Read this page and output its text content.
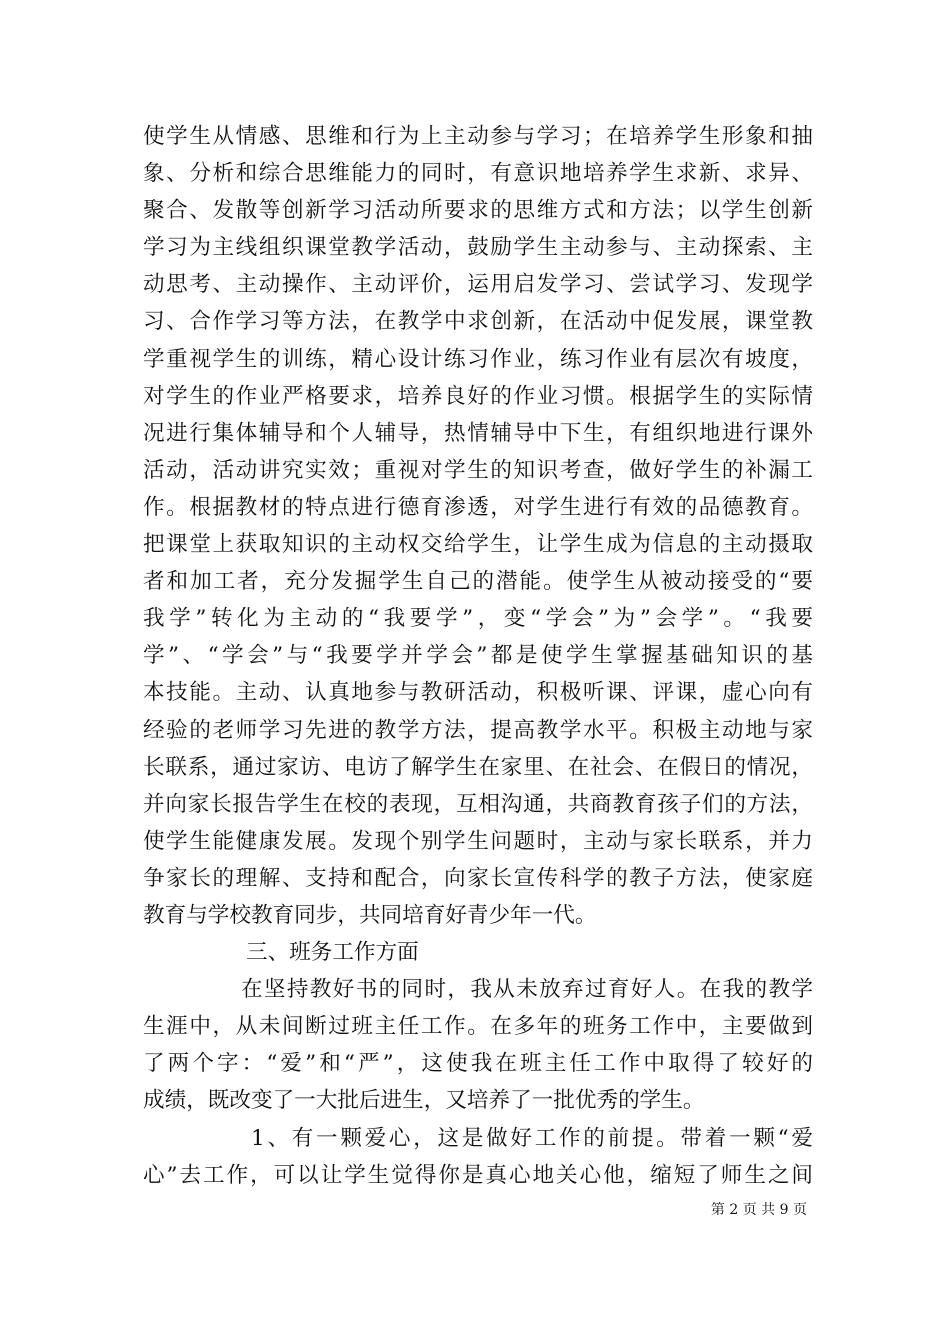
使学生从情感、思维和行为上主动参与学习；在培养学生形象和抽
象、分析和综合思维能力的同时，有意识地培养学生求新、求异、
聚合、发散等创新学习活动所要求的思维方式和方法；以学生创新
学习为主线组织课堂教学活动，鼓励学生主动参与、主动探索、主
动思考、主动操作、主动评价，运用启发学习、尝试学习、发现学
习、合作学习等方法，在教学中求创新，在活动中促发展，课堂教
学重视学生的训练，精心设计练习作业，练习作业有层次有坡度，
对学生的作业严格要求，培养良好的作业习惯。根据学生的实际情
况进行集体辅导和个人辅导，热情辅导中下生，有组织地进行课外
活动，活动讲究实效；重视对学生的知识考查，做好学生的补漏工
作。根据教材的特点进行德育渗透，对学生进行有效的品德教育。
把课堂上获取知识的主动权交给学生，让学生成为信息的主动摄取
者和加工者，充分发掘学生自己的潜能。使学生从被动接受的“要
我学”转化为主动的“我要学”，变“学会”为”会学”。“我要
学”、“学会”与“我要学并学会”都是使学生掌握基础知识的基
本技能。主动、认真地参与教研活动，积极听课、评课，虚心向有
经验的老师学习先进的教学方法，提高教学水平。积极主动地与家
长联系，通过家访、电访了解学生在家里、在社会、在假日的情况，
并向家长报告学生在校的表现，互相沟通，共商教育孩子们的方法，
使学生能健康发展。发现个别学生问题时，主动与家长联系，并力
争家长的理解、支持和配合，向家长宣传科学的教子方法，使家庭
教育与学校教育同步，共同培育好青少年一代。
三、班务工作方面
在坚持教好书的同时，我从未放弃过育好人。在我的教学
生涯中，从未间断过班主任工作。在多年的班务工作中，主要做到
了两个字：“爱”和“严”，这使我在班主任工作中取得了较好的
成绩，既改变了一大批后进生，又培养了一批优秀的学生。
1、有一颗爱心，这是做好工作的前提。带着一颗“爱
心”去工作，可以让学生觉得你是真心地关心他，缩短了师生之间
第 2 页 共 9 页
